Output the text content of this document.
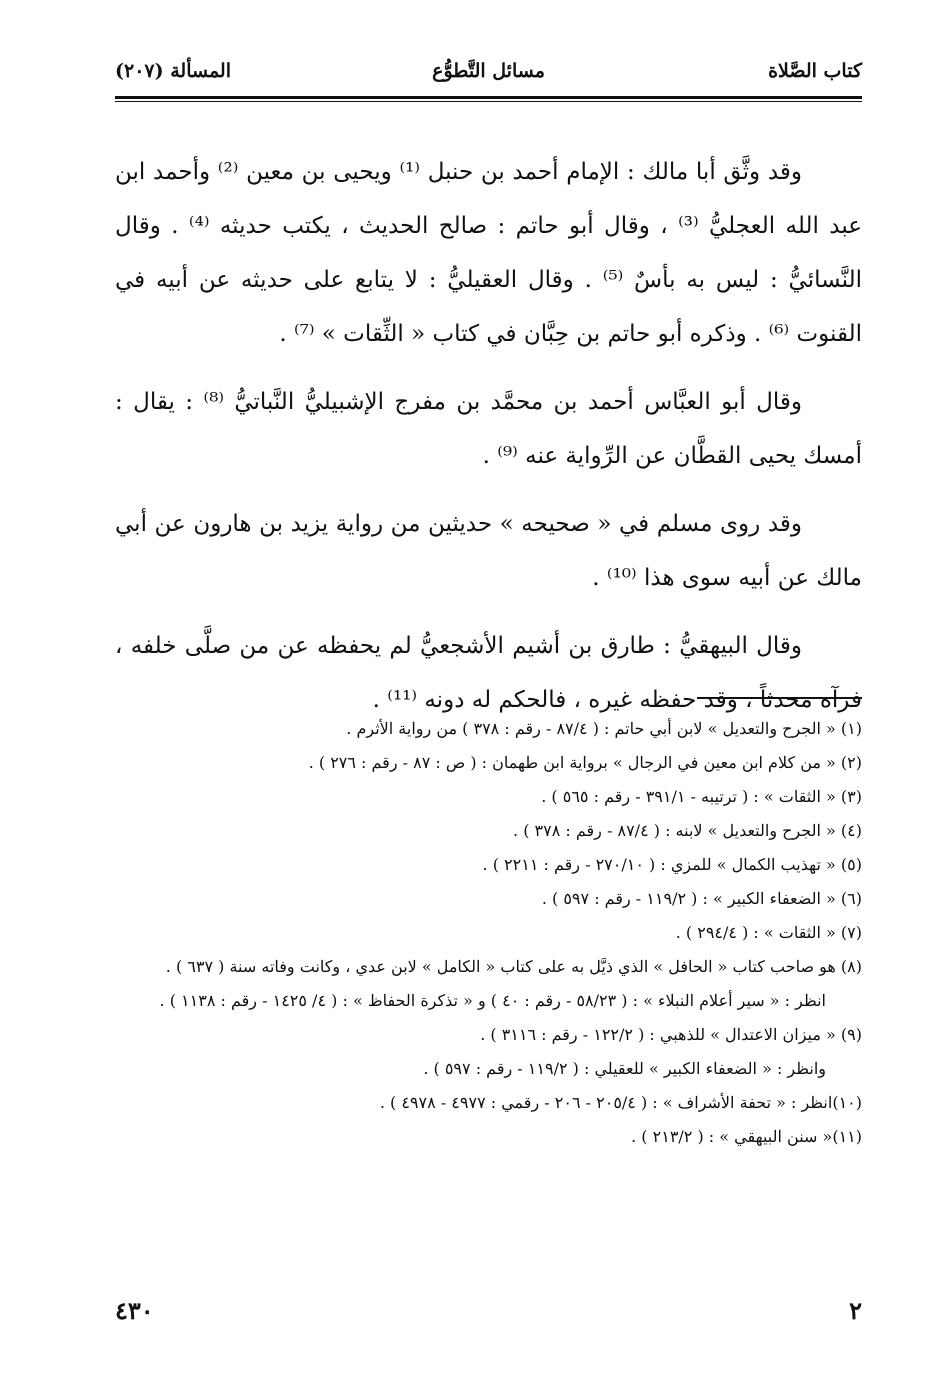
كتاب الصَّلاة
مسائل التَّطوُّع
المسألة (٢٠٧)

وقد وثَّق أبا مالك : الإمام أحمد بن حنبل ⁽¹⁾ ويحيى بن معين ⁽²⁾ وأحمد ابن عبد الله العجليُّ ⁽³⁾ ، وقال أبو حاتم : صالح الحديث ، يكتب حديثه ⁽⁴⁾ . وقال النَّسائيُّ : ليس به بأسٌ ⁽⁵⁾ . وقال العقيليُّ : لا يتابع على حديثه عن أبيه في القنوت ⁽⁶⁾ . وذكره أبو حاتم بن حِبَّان في كتاب « الثِّقات » ⁽⁷⁾ .

وقال أبو العبَّاس أحمد بن محمَّد بن مفرج الإشبيليُّ النَّباتيُّ ⁽⁸⁾ : يقال : أمسك يحيى القطَّان عن الرِّواية عنه ⁽⁹⁾ .

وقد روى مسلم في « صحيحه » حديثين من رواية يزيد بن هارون عن أبي مالك عن أبيه سوى هذا ⁽¹⁰⁾ .

وقال البيهقيُّ : طارق بن أشيم الأشجعيُّ لم يحفظه عن من صلَّى خلفه ، فرآه محدثاً ، وقد حفظه غيره ، فالحكم له دونه ⁽¹¹⁾ .

(١) « الجرح والتعديل » لابن أبي حاتم : ( ٨٧/٤ - رقم : ٣٧٨ ) من رواية الأثرم .

(٢) « من كلام ابن معين في الرجال » برواية ابن طهمان : ( ص : ٨٧ - رقم : ٢٧٦ ) .

(٣) « الثقات » : ( ترتيبه - ٣٩١/١ - رقم : ٥٦٥ ) .

(٤) « الجرح والتعديل » لابنه : ( ٨٧/٤ - رقم : ٣٧٨ ) .

(٥) « تهذيب الكمال » للمزي : ( ٢٧٠/١٠ - رقم : ٢٢١١ ) .

(٦) « الضعفاء الكبير » : ( ١١٩/٢ - رقم : ٥٩٧ ) .

(٧) « الثقات » : ( ٢٩٤/٤ ) .

(٨) هو صاحب كتاب « الحافل » الذي ذيَّل به على كتاب « الكامل » لابن عدي ، وكانت وفاته سنة ( ٦٣٧ ) .

انظر : « سير أعلام النبلاء » : ( ٥٨/٢٣ - رقم : ٤٠ ) و « تذكرة الحفاظ » : ( ٤/ ١٤٢٥ - رقم : ١١٣٨ ) .

(٩) « ميزان الاعتدال » للذهبي : ( ١٢٢/٢ - رقم : ٣١١٦ ) .

وانظر : « الضعفاء الكبير » للعقيلي : ( ١١٩/٢ - رقم : ٥٩٧ ) .

(١٠)انظر : « تحفة الأشراف » : ( ٢٠٥/٤ - ٢٠٦ - رقمي : ٤٩٧٧ - ٤٩٧٨ ) .

(١١)« سنن البيهقي » : ( ٢١٣/٢ ) .

٤٣٠	٢
